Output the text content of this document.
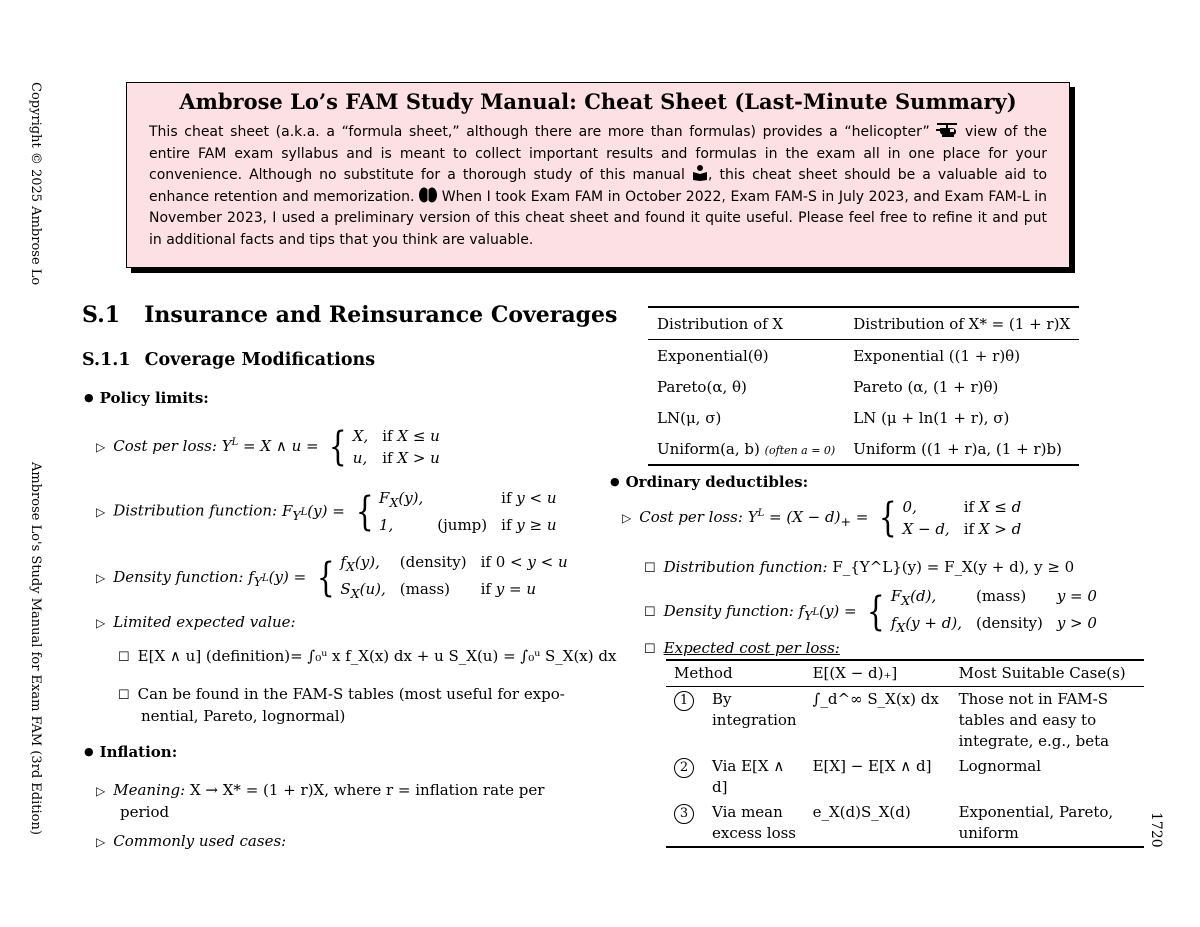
Copyright © 2025 Ambrose Lo
Ambrose Lo's Study Manual for Exam FAM (3rd Edition)	1720
Ambrose Lo’s FAM Study Manual: Cheat Sheet (Last-Minute Summary)

This cheat sheet (a.k.a. a “formula sheet,” although there are more than formulas) provides a “helicopter”	view of the entire FAM exam syllabus and is meant to collect important results and formulas in the exam all in one place for your convenience. Although no substitute for a thorough study of this manual , this cheat sheet should be a valuable aid to enhance retention and memorization. When I took Exam FAM in October 2022, Exam FAM-S in July 2023, and Exam FAM-L in November 2023, I used a preliminary version of this cheat sheet and found it quite useful. Please feel free to refine it and put in additional facts and tips that you think are valuable.

S.1 Insurance and Reinsurance Coverages
S.1.1 Coverage Modifications
● Policy limits:
▷ Cost per loss: $Y^L = X$ ∧ u = { X, if X ≤ u
u, if X > u
▷ Distribution function: $F_{Y^L}(y)$ = { $F_X(y)$,	if y < u
1,	(jump) if y ≥ u
▷ Density function: $f_{Y^L}(y)$ = { $f_X(y)$,	(density) if 0 < y < u
$S_X(u)$, (mass)	if y = u
▷ Limited expected value:
☐ E[X ∧ u] (definition)= ∫₀ᵘ x f_X(x) dx + u S_X(u) = ∫₀ᵘ S_X(x) dx
☐ Can be found in the FAM-S tables (most useful for expo-
nential, Pareto, lognormal)
● Inflation:
▷ Meaning: X → X* = (1 + r)X, where r = inflation rate per
period
▷ Commonly used cases:
Distribution of X	Distribution of X* = (1 + r)X
Exponential(θ)	Exponential ((1 + r)θ)
Pareto(α, θ)	Pareto (α, (1 + r)θ)
LN(μ, σ)	LN (μ + ln(1 + r), σ)
Uniform(a, b) (often a = 0)	Uniform ((1 + r)a, (1 + r)b)
● Ordinary deductibles:
▷ Cost per loss: $Y^L = (X - d)_+$ = { 0,	if X ≤ d
X − d, if X > d
☐ Distribution function: F_{Y^L}(y) = F_X(y + d), y ≥ 0
☐ Density function: $f_{Y^L}(y)$ = { $F_X(d)$,	(mass)	y = 0
$f_X(y + d)$, (density) y > 0
☐ Expected cost per loss:
Method		E[(X − d)₊]	Most Suitable Case(s)
1	By integration	∫_d^∞ S_X(x) dx	Those not in FAM-S tables and easy to integrate, e.g., beta
2	Via E[X ∧ d]	E[X] − E[X ∧ d]	Lognormal
3	Via mean excess loss	e_X(d)S_X(d)	Exponential, Pareto, uniform
